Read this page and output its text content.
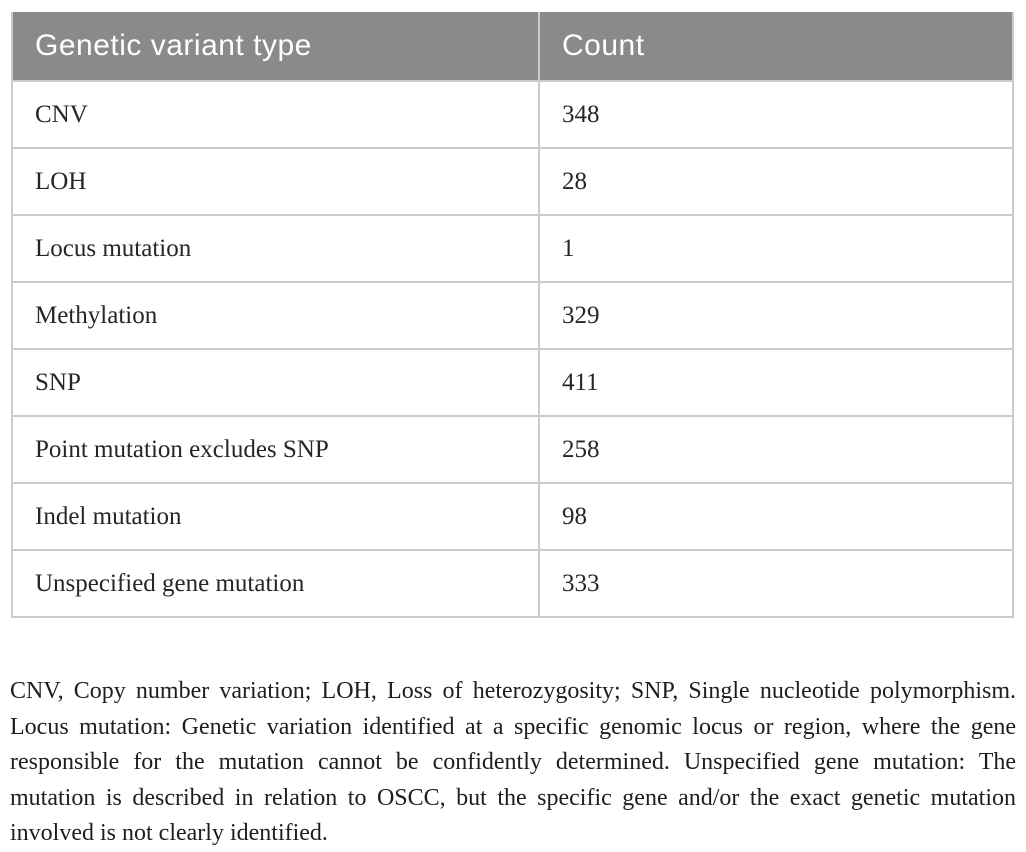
Genetic variant type	Count
CNV	348
LOH	28
Locus mutation	1
Methylation	329
SNP	411
Point mutation excludes SNP	258
Indel mutation	98
Unspecified gene mutation	333

CNV, Copy number variation; LOH, Loss of heterozygosity; SNP, Single nucleotide polymorphism. Locus mutation: Genetic variation identified at a specific genomic locus or region, where the gene responsible for the mutation cannot be confidently determined. Unspecified gene mutation: The mutation is described in relation to OSCC, but the specific gene and/or the exact genetic mutation involved is not clearly identified.
